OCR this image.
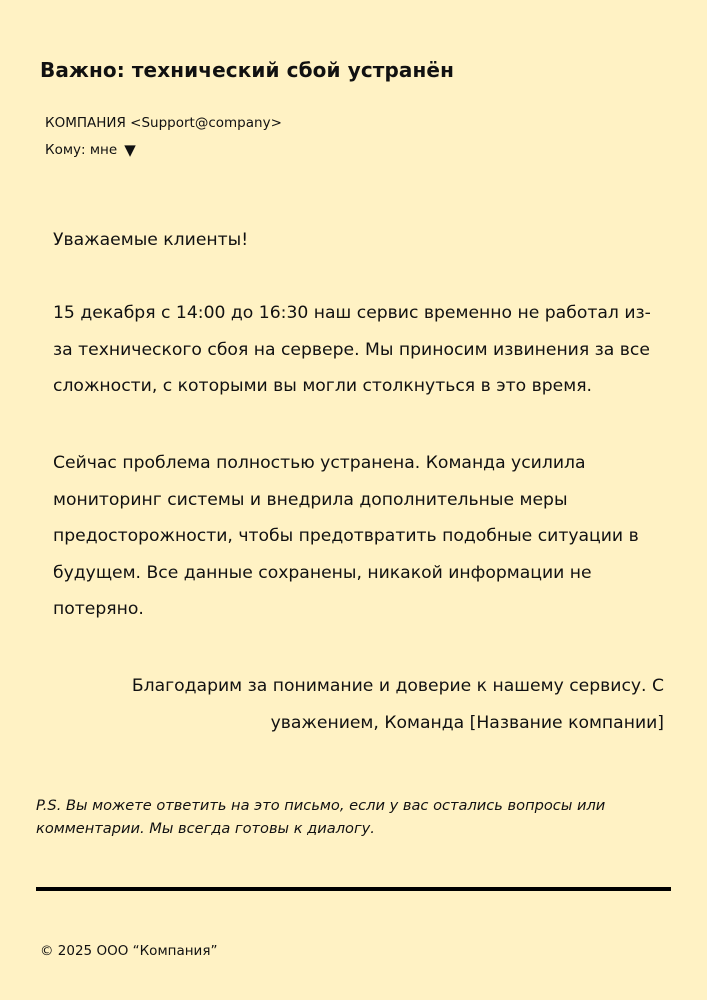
Важно: технический сбой устранён
КОМПАНИЯ <Support@company>
Кому: мне ▼

Уважаемые клиенты!

15 декабря с 14:00 до 16:30 наш сервис временно не работал из-за технического сбоя на сервере. Мы приносим извинения за все сложности, с которыми вы могли столкнуться в это время.

Сейчас проблема полностью устранена. Команда усилила мониторинг системы и внедрила дополнительные меры предосторожности, чтобы предотвратить подобные ситуации в будущем. Все данные сохранены, никакой информации не потеряно.

Благодарим за понимание и доверие к нашему сервису. С уважением, Команда [Название компании]

P.S. Вы можете ответить на это письмо, если у вас остались вопросы или комментарии. Мы всегда готовы к диалогу.

© 2025 ООО “Компания”
